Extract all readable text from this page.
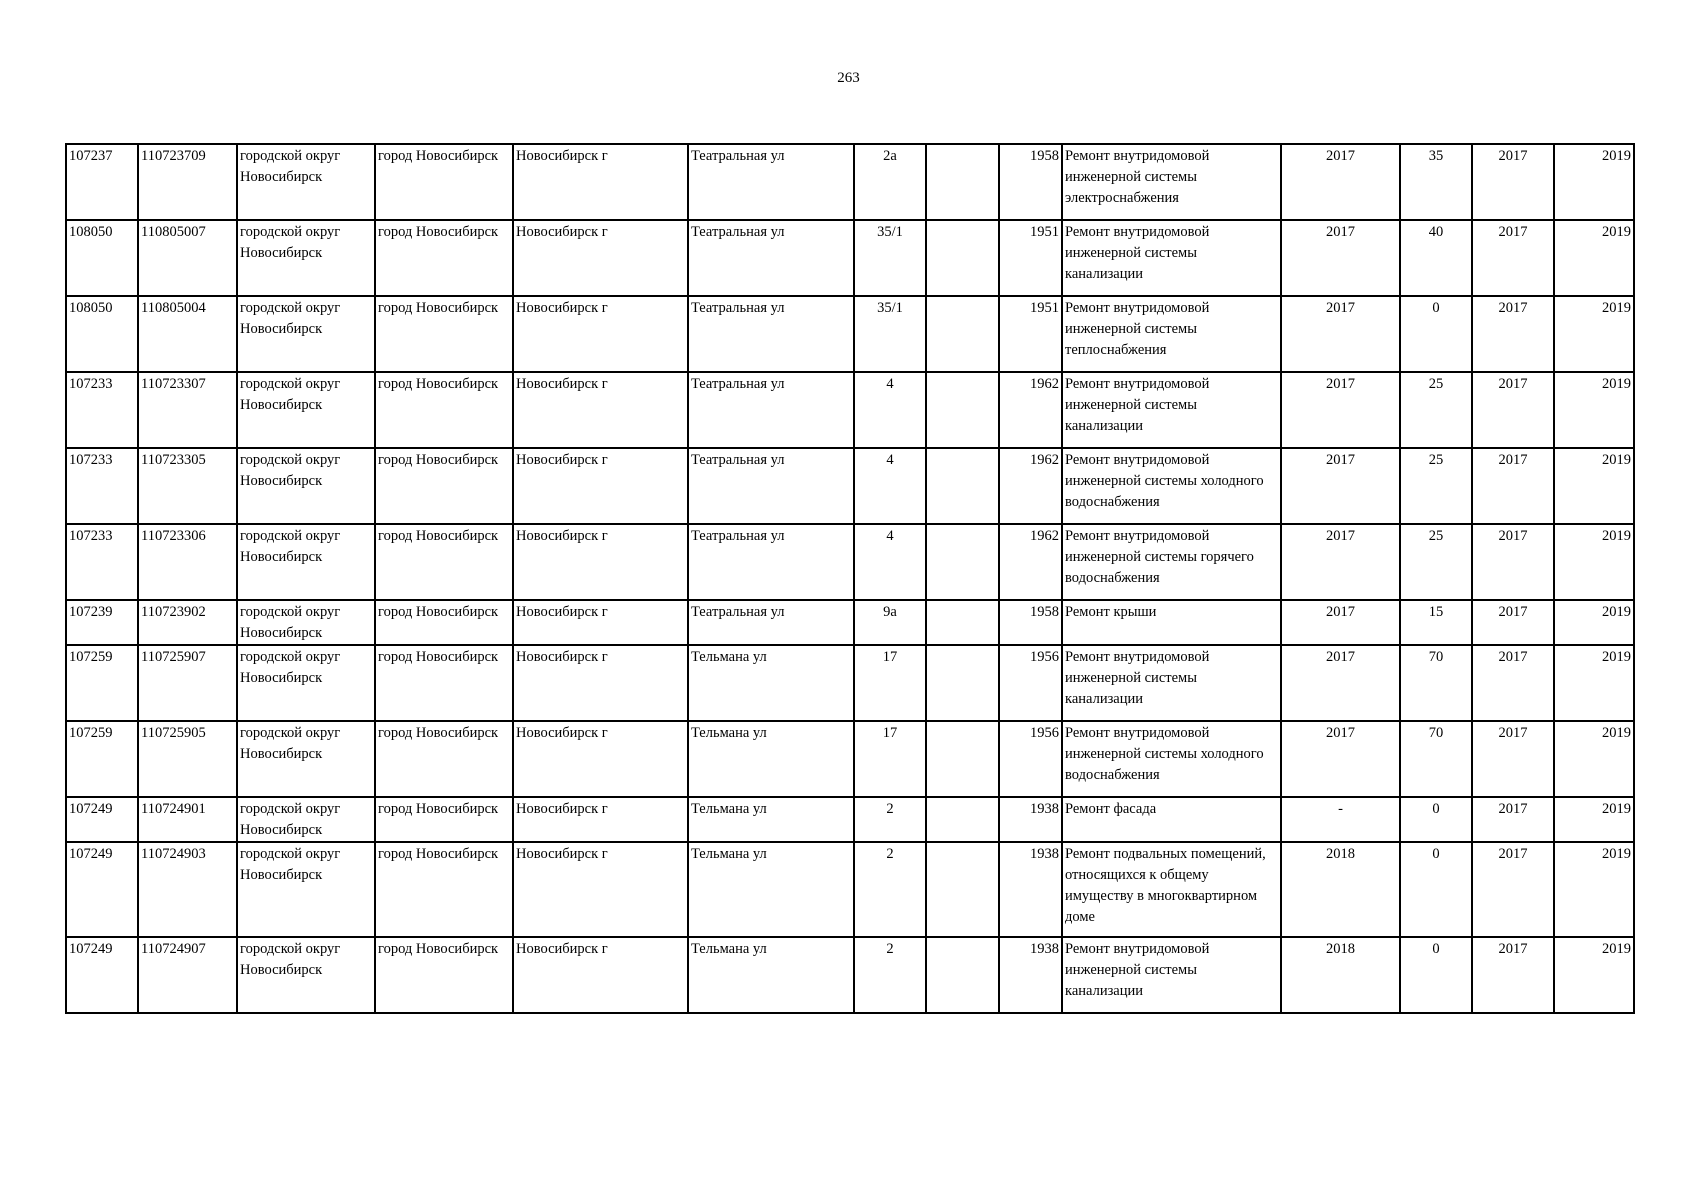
263
107237	110723709	городской округ Новосибирск	город Новосибирск	Новосибирск г	Театральная ул	2а		1958	Ремонт внутридомовой инженерной системы электроснабжения	2017	35	2017	2019
108050	110805007	городской округ Новосибирск	город Новосибирск	Новосибирск г	Театральная ул	35/1		1951	Ремонт внутридомовой инженерной системы канализации	2017	40	2017	2019
108050	110805004	городской округ Новосибирск	город Новосибирск	Новосибирск г	Театральная ул	35/1		1951	Ремонт внутридомовой инженерной системы теплоснабжения	2017	0	2017	2019
107233	110723307	городской округ Новосибирск	город Новосибирск	Новосибирск г	Театральная ул	4		1962	Ремонт внутридомовой инженерной системы канализации	2017	25	2017	2019
107233	110723305	городской округ Новосибирск	город Новосибирск	Новосибирск г	Театральная ул	4		1962	Ремонт внутридомовой инженерной системы холодного водоснабжения	2017	25	2017	2019
107233	110723306	городской округ Новосибирск	город Новосибирск	Новосибирск г	Театральная ул	4		1962	Ремонт внутридомовой инженерной системы горячего водоснабжения	2017	25	2017	2019
107239	110723902	городской округ Новосибирск	город Новосибирск	Новосибирск г	Театральная ул	9а		1958	Ремонт крыши	2017	15	2017	2019
107259	110725907	городской округ Новосибирск	город Новосибирск	Новосибирск г	Тельмана ул	17		1956	Ремонт внутридомовой инженерной системы канализации	2017	70	2017	2019
107259	110725905	городской округ Новосибирск	город Новосибирск	Новосибирск г	Тельмана ул	17		1956	Ремонт внутридомовой инженерной системы холодного водоснабжения	2017	70	2017	2019
107249	110724901	городской округ Новосибирск	город Новосибирск	Новосибирск г	Тельмана ул	2		1938	Ремонт фасада	-	0	2017	2019
107249	110724903	городской округ Новосибирск	город Новосибирск	Новосибирск г	Тельмана ул	2		1938	Ремонт подвальных помещений, относящихся к общему имуществу в многоквартирном доме	2018	0	2017	2019
107249	110724907	городской округ Новосибирск	город Новосибирск	Новосибирск г	Тельмана ул	2		1938	Ремонт внутридомовой инженерной системы канализации	2018	0	2017	2019
